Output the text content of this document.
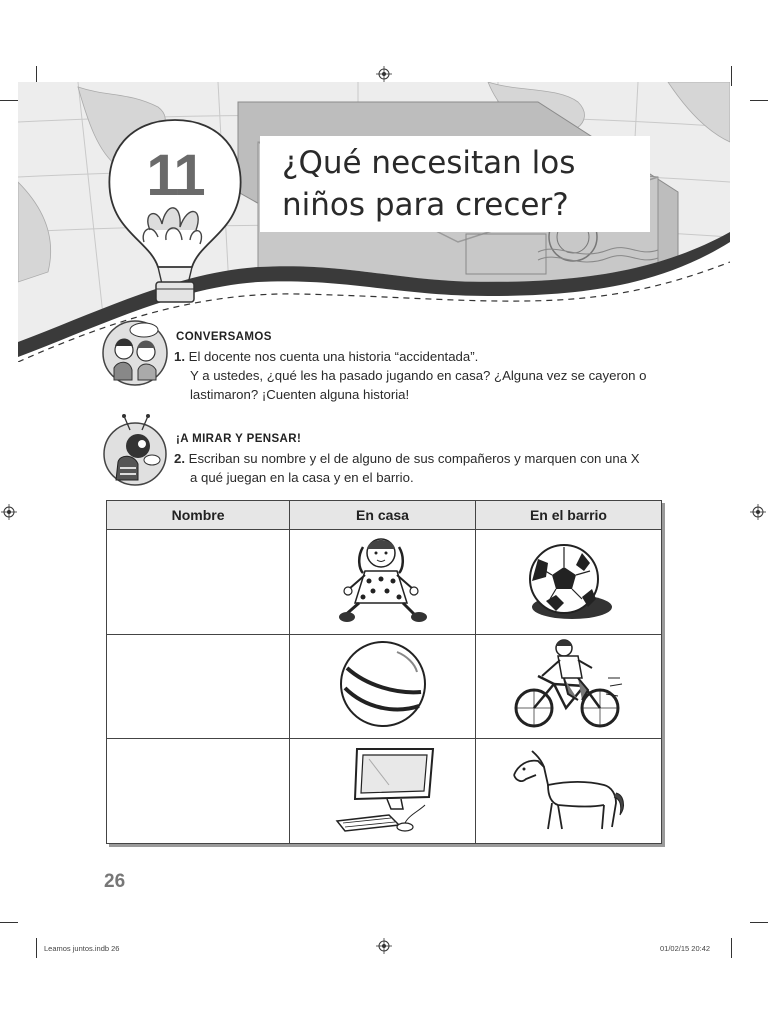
¿Qué necesitan los niños para crecer?
11
CONVERSAMOS
1. El docente nos cuenta una historia “accidentada”.
Y a ustedes, ¿qué les ha pasado jugando en casa? ¿Alguna vez se cayeron o
lastimaron? ¡Cuenten alguna historia!
¡A MIRAR Y PENSAR!
2. Escriban su nombre y el de alguno de sus compañeros y marquen con una X
a qué juegan en la casa y en el barrio.
Nombre	En casa	En el barrio

26
Leamos juntos.indb 26	01/02/15 20:42
